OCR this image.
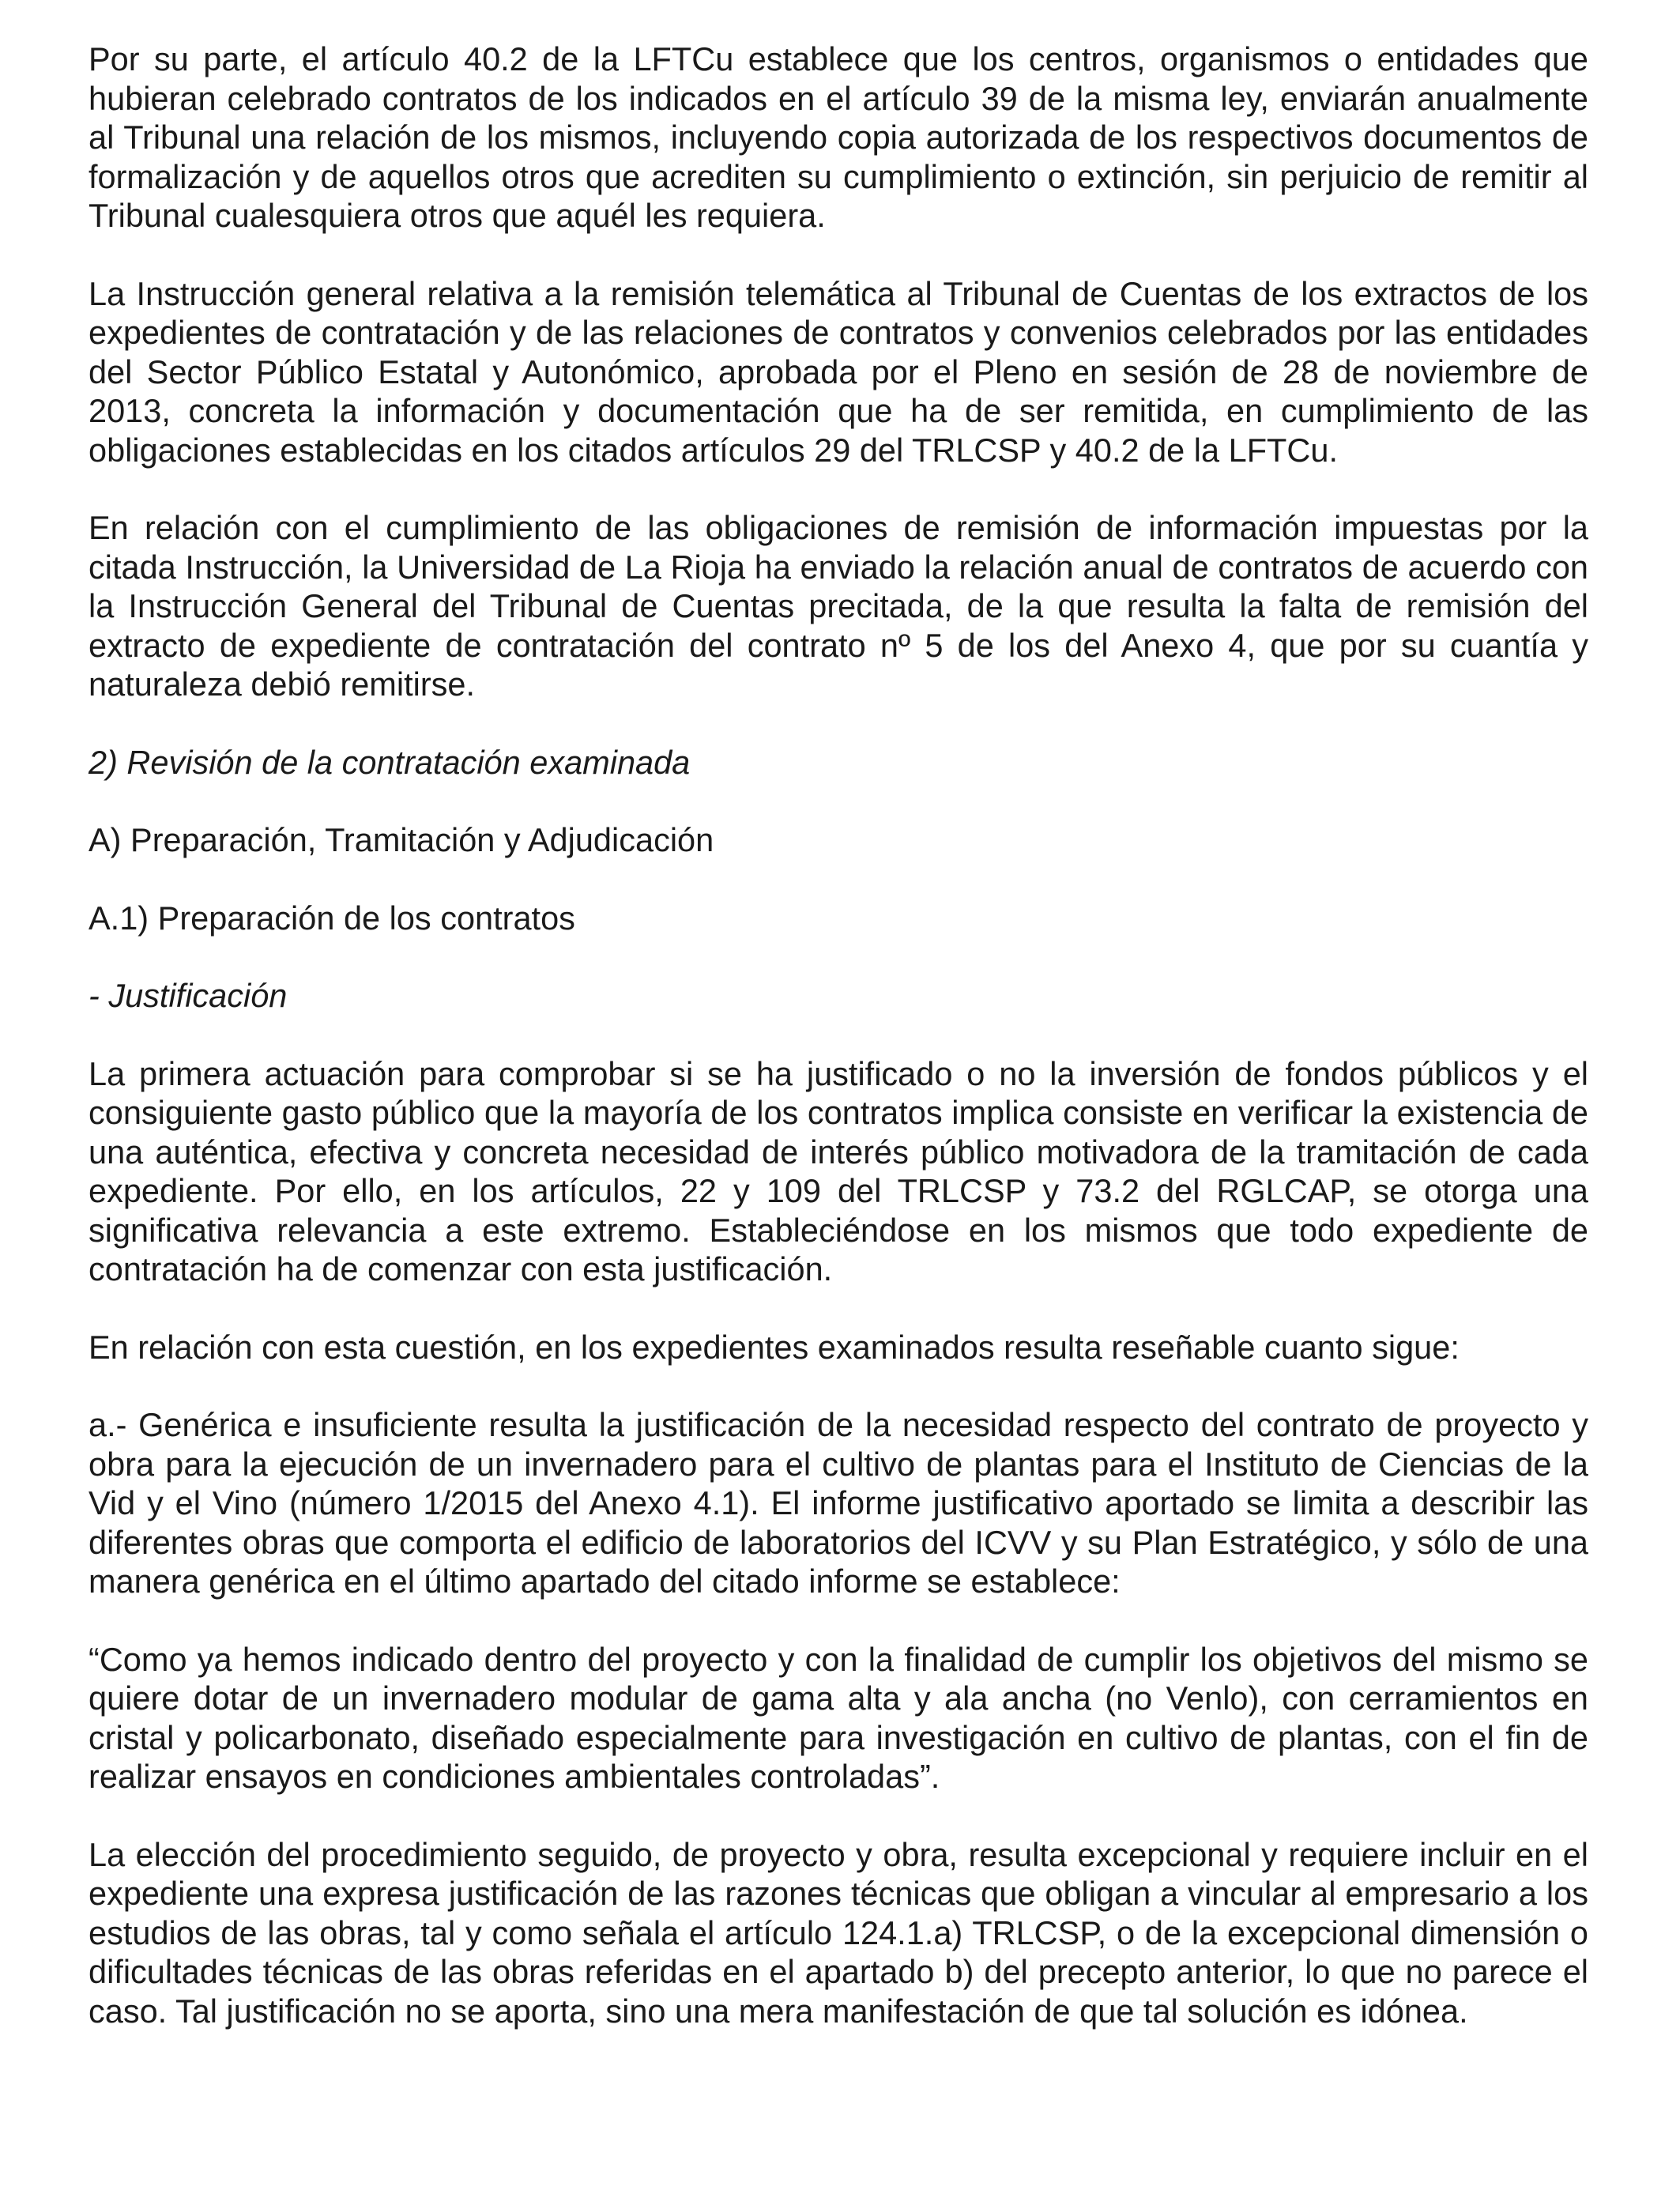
Por su parte, el artículo 40.2 de la LFTCu establece que los centros, organismos o entidades que hubieran celebrado contratos de los indicados en el artículo 39 de la misma ley, enviarán anualmente al Tribunal una relación de los mismos, incluyendo copia autorizada de los respectivos documentos de formalización y de aquellos otros que acrediten su cumplimiento o extinción, sin perjuicio de remitir al Tribunal cualesquiera otros que aquél les requiera.

La Instrucción general relativa a la remisión telemática al Tribunal de Cuentas de los extractos de los expedientes de contratación y de las relaciones de contratos y convenios celebrados por las entidades del Sector Público Estatal y Autonómico, aprobada por el Pleno en sesión de 28 de noviembre de 2013, concreta la información y documentación que ha de ser remitida, en cumplimiento de las obligaciones establecidas en los citados artículos 29 del TRLCSP y 40.2 de la LFTCu.

En relación con el cumplimiento de las obligaciones de remisión de información impuestas por la citada Instrucción, la Universidad de La Rioja ha enviado la relación anual de contratos de acuerdo con la Instrucción General del Tribunal de Cuentas precitada, de la que resulta la falta de remisión del extracto de expediente de contratación del contrato nº 5 de los del Anexo 4, que por su cuantía y naturaleza debió remitirse.

2) Revisión de la contratación examinada

A) Preparación, Tramitación y Adjudicación

A.1) Preparación de los contratos

- Justificación

La primera actuación para comprobar si se ha justificado o no la inversión de fondos públicos y el consiguiente gasto público que la mayoría de los contratos implica consiste en verificar la existencia de una auténtica, efectiva y concreta necesidad de interés público motivadora de la tramitación de cada expediente. Por ello, en los artículos, 22 y 109 del TRLCSP y 73.2 del RGLCAP, se otorga una significativa relevancia a este extremo. Estableciéndose en los mismos que todo expediente de contratación ha de comenzar con esta justificación.

En relación con esta cuestión, en los expedientes examinados resulta reseñable cuanto sigue:

a.- Genérica e insuficiente resulta la justificación de la necesidad respecto del contrato de proyecto y obra para la ejecución de un invernadero para el cultivo de plantas para el Instituto de Ciencias de la Vid y el Vino (número 1/2015 del Anexo 4.1). El informe justificativo aportado se limita a describir las diferentes obras que comporta el edificio de laboratorios del ICVV y su Plan Estratégico, y sólo de una manera genérica en el último apartado del citado informe se establece:

“Como ya hemos indicado dentro del proyecto y con la finalidad de cumplir los objetivos del mismo se quiere dotar de un invernadero modular de gama alta y ala ancha (no Venlo), con cerramientos en cristal y policarbonato, diseñado especialmente para investigación en cultivo de plantas, con el fin de realizar ensayos en condiciones ambientales controladas”.

La elección del procedimiento seguido, de proyecto y obra, resulta excepcional y requiere incluir en el expediente una expresa justificación de las razones técnicas que obligan a vincular al empresario a los estudios de las obras, tal y como señala el artículo 124.1.a) TRLCSP, o de la excepcional dimensión o dificultades técnicas de las obras referidas en el apartado b) del precepto anterior, lo que no parece el caso. Tal justificación no se aporta, sino una mera manifestación de que tal solución es idónea.
